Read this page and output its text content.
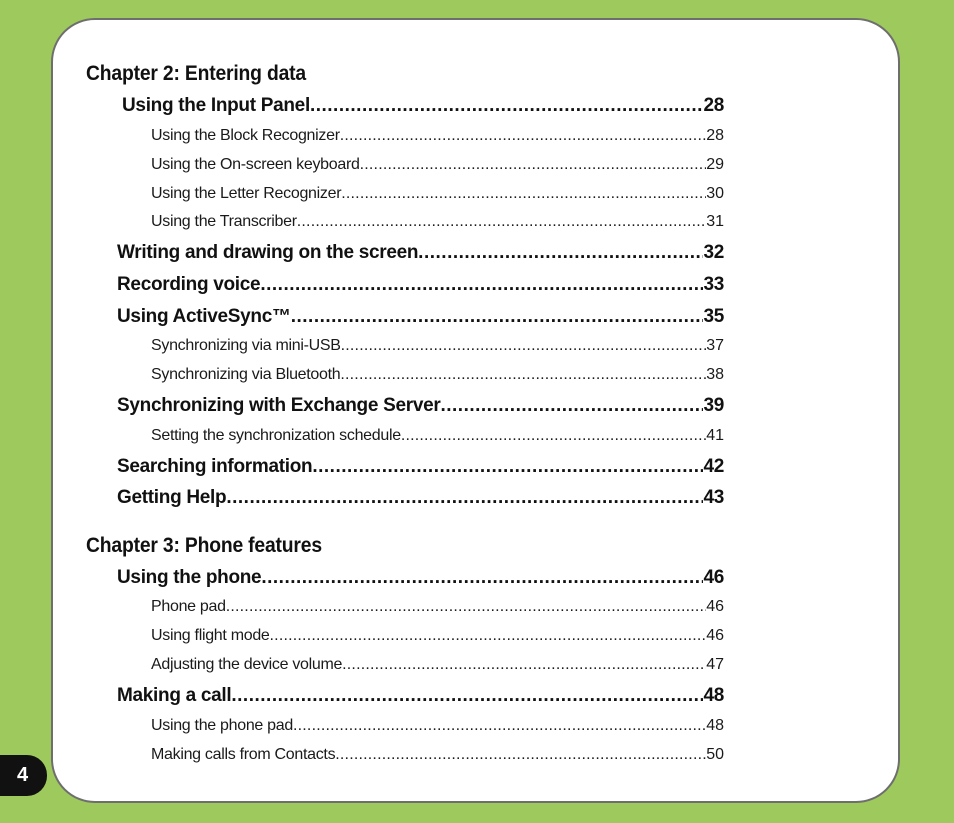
Chapter 2: Entering data
Using the Input Panel .....	28
Using the Block Recognizer .....	28
Using the On-screen keyboard .....	29
Using the Letter Recognizer .....	30
Using the Transcriber .....	31
Writing and drawing on the screen .....	32
Recording voice .....	33
Using ActiveSync™ .....	35
Synchronizing via mini-USB .....	37
Synchronizing via Bluetooth .....	38
Synchronizing with Exchange Server .....	39
Setting the synchronization schedule .....	41
Searching information .....	42
Getting Help .....	43
Chapter 3: Phone features
Using the phone .....	46
Phone pad .....	46
Using flight mode .....	46
Adjusting the device volume .....	47
Making a call .....	48
Using the phone pad .....	48
Making calls from Contacts .....	50
4
